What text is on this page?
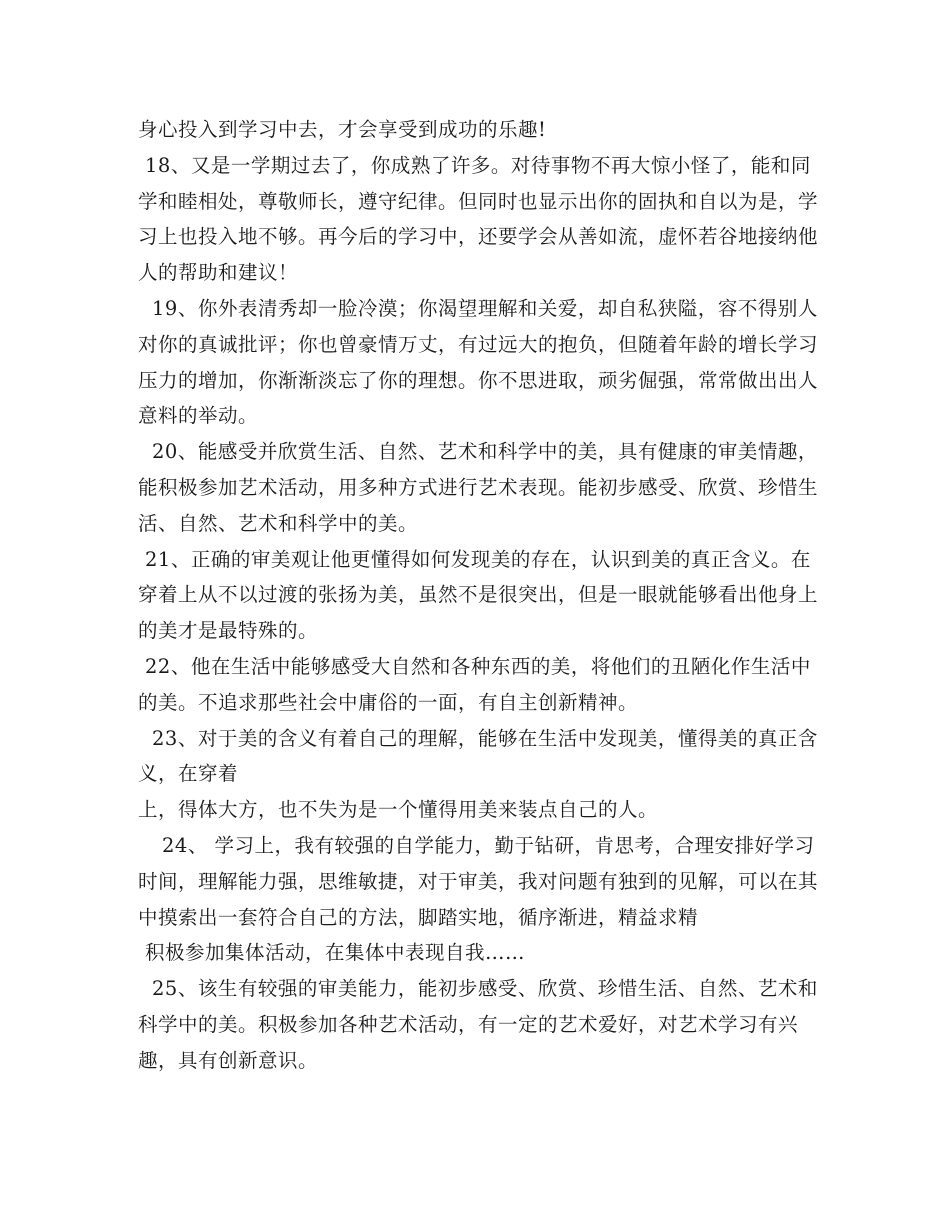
身心投入到学习中去，才会享受到成功的乐趣!

18、又是一学期过去了，你成熟了许多。对待事物不再大惊小怪了，能和同学和睦相处，尊敬师长，遵守纪律。但同时也显示出你的固执和自以为是，学习上也投入地不够。再今后的学习中，还要学会从善如流，虚怀若谷地接纳他人的帮助和建议！

19、你外表清秀却一脸冷漠；你渴望理解和关爱，却自私狭隘，容不得别人对你的真诚批评；你也曾豪情万丈，有过远大的抱负，但随着年龄的增长学习压力的增加，你渐渐淡忘了你的理想。你不思进取，顽劣倔强，常常做出出人意料的举动。

20、能感受并欣赏生活、自然、艺术和科学中的美，具有健康的审美情趣，能积极参加艺术活动，用多种方式进行艺术表现。能初步感受、欣赏、珍惜生活、自然、艺术和科学中的美。

21、正确的审美观让他更懂得如何发现美的存在，认识到美的真正含义。在穿着上从不以过渡的张扬为美，虽然不是很突出，但是一眼就能够看出他身上的美才是最特殊的。

22、他在生活中能够感受大自然和各种东西的美，将他们的丑陋化作生活中的美。不追求那些社会中庸俗的一面，有自主创新精神。

23、对于美的含义有着自己的理解，能够在生活中发现美，懂得美的真正含义，在穿着

上，得体大方，也不失为是一个懂得用美来装点自己的人。

24、 学习上，我有较强的自学能力，勤于钻研，肯思考，合理安排好学习时间，理解能力强，思维敏捷，对于审美，我对问题有独到的见解，可以在其中摸索出一套符合自己的方法，脚踏实地，循序渐进，精益求精

积极参加集体活动，在集体中表现自我……

25、该生有较强的审美能力，能初步感受、欣赏、珍惜生活、自然、艺术和科学中的美。积极参加各种艺术活动，有一定的艺术爱好，对艺术学习有兴趣，具有创新意识。
